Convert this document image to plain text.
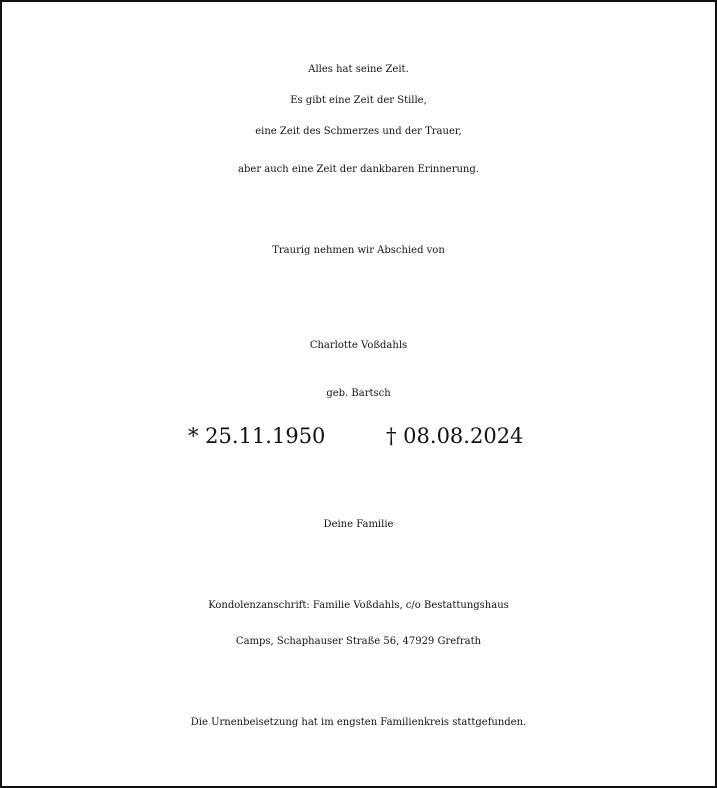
Alles hat seine Zeit.
Es gibt eine Zeit der Stille,
eine Zeit des Schmerzes und der Trauer,
aber auch eine Zeit der dankbaren Erinnerung.
Traurig nehmen wir Abschied von
Charlotte Voßdahls
geb. Bartsch
* 25.11.1950	† 08.08.2024
Deine Familie
Kondolenzanschrift: Familie Voßdahls, c/o Bestattungshaus
Camps, Schaphauser Straße 56, 47929 Grefrath
Die Urnenbeisetzung hat im engsten Familienkreis stattgefunden.
